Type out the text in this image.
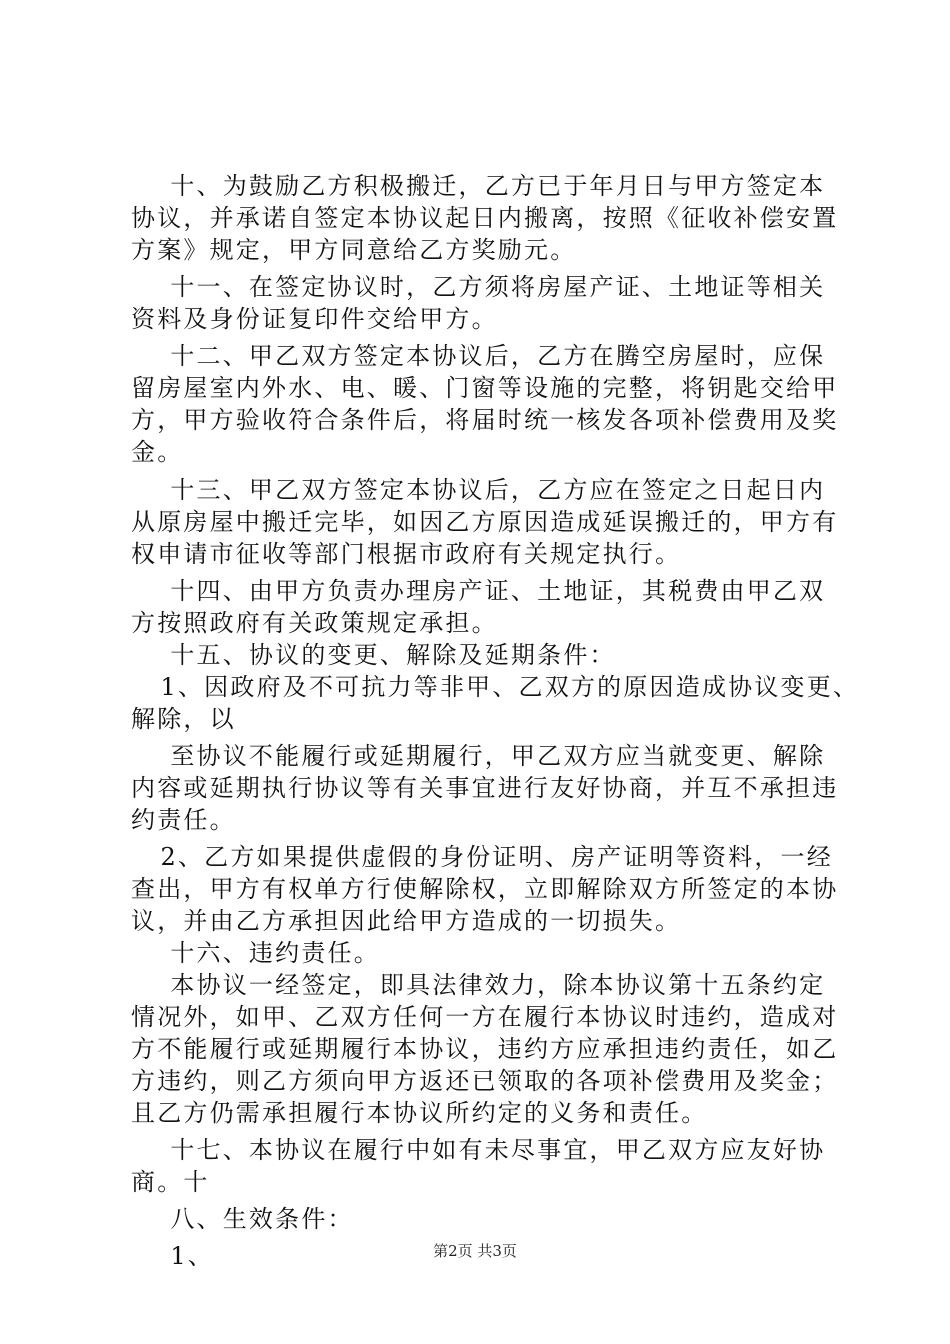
十、为鼓励乙方积极搬迁，乙方已于年月日与甲方签定本

协议，并承诺自签定本协议起日内搬离，按照《征收补偿安置

方案》规定，甲方同意给乙方奖励元。

十一、在签定协议时，乙方须将房屋产证、土地证等相关

资料及身份证复印件交给甲方。

十二、甲乙双方签定本协议后，乙方在腾空房屋时，应保

留房屋室内外水、电、暖、门窗等设施的完整，将钥匙交给甲

方，甲方验收符合条件后，将届时统一核发各项补偿费用及奖

金。

十三、甲乙双方签定本协议后，乙方应在签定之日起日内

从原房屋中搬迁完毕，如因乙方原因造成延误搬迁的，甲方有

权申请市征收等部门根据市政府有关规定执行。

十四、由甲方负责办理房产证、土地证，其税费由甲乙双

方按照政府有关政策规定承担。

十五、协议的变更、解除及延期条件：

1、因政府及不可抗力等非甲、乙双方的原因造成协议变更、

解除，以

至协议不能履行或延期履行，甲乙双方应当就变更、解除

内容或延期执行协议等有关事宜进行友好协商，并互不承担违

约责任。

2、乙方如果提供虚假的身份证明、房产证明等资料，一经

查出，甲方有权单方行使解除权，立即解除双方所签定的本协

议，并由乙方承担因此给甲方造成的一切损失。

十六、违约责任。

本协议一经签定，即具法律效力，除本协议第十五条约定

情况外，如甲、乙双方任何一方在履行本协议时违约，造成对

方不能履行或延期履行本协议，违约方应承担违约责任，如乙

方违约，则乙方须向甲方返还已领取的各项补偿费用及奖金；

且乙方仍需承担履行本协议所约定的义务和责任。

十七、本协议在履行中如有未尽事宜，甲乙双方应友好协

商。十

八、生效条件：

1、	第2页 共3页
